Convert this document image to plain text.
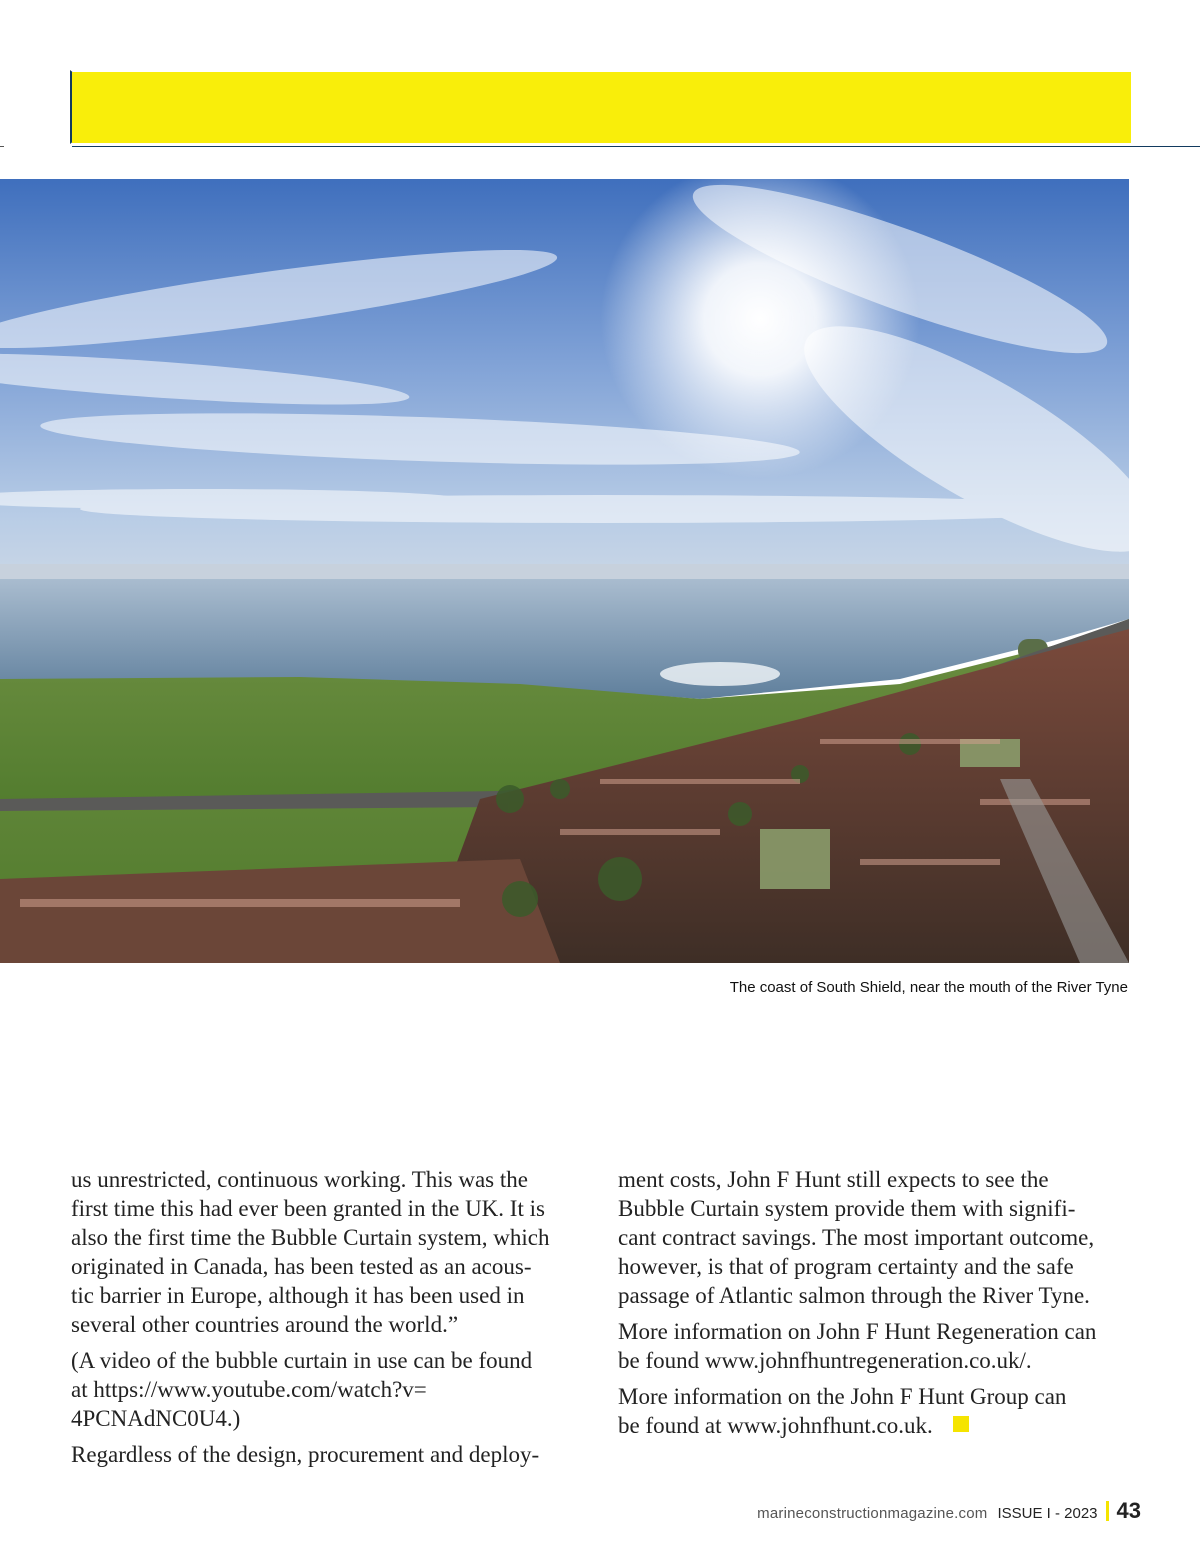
The coast of South Shield, near the mouth of the River Tyne

us unrestricted, continuous working. This was the
first time this had ever been granted in the UK. It is
also the first time the Bubble Curtain system, which
originated in Canada, has been tested as an acous-
tic barrier in Europe, although it has been used in
several other countries around the world.”

(A video of the bubble curtain in use can be found
at https://www.youtube.com/watch?v=
4PCNAdNC0U4.)

Regardless of the design, procurement and deploy-

ment costs, John F Hunt still expects to see the
Bubble Curtain system provide them with signifi-
cant contract savings. The most important outcome,
however, is that of program certainty and the safe
passage of Atlantic salmon through the River Tyne.

More information on John F Hunt Regeneration can
be found www.johnfhuntregeneration.co.uk/.

More information on the John F Hunt Group can
be found at www.johnfhunt.co.uk.

marineconstructionmagazine.com ISSUE I - 2023 43
